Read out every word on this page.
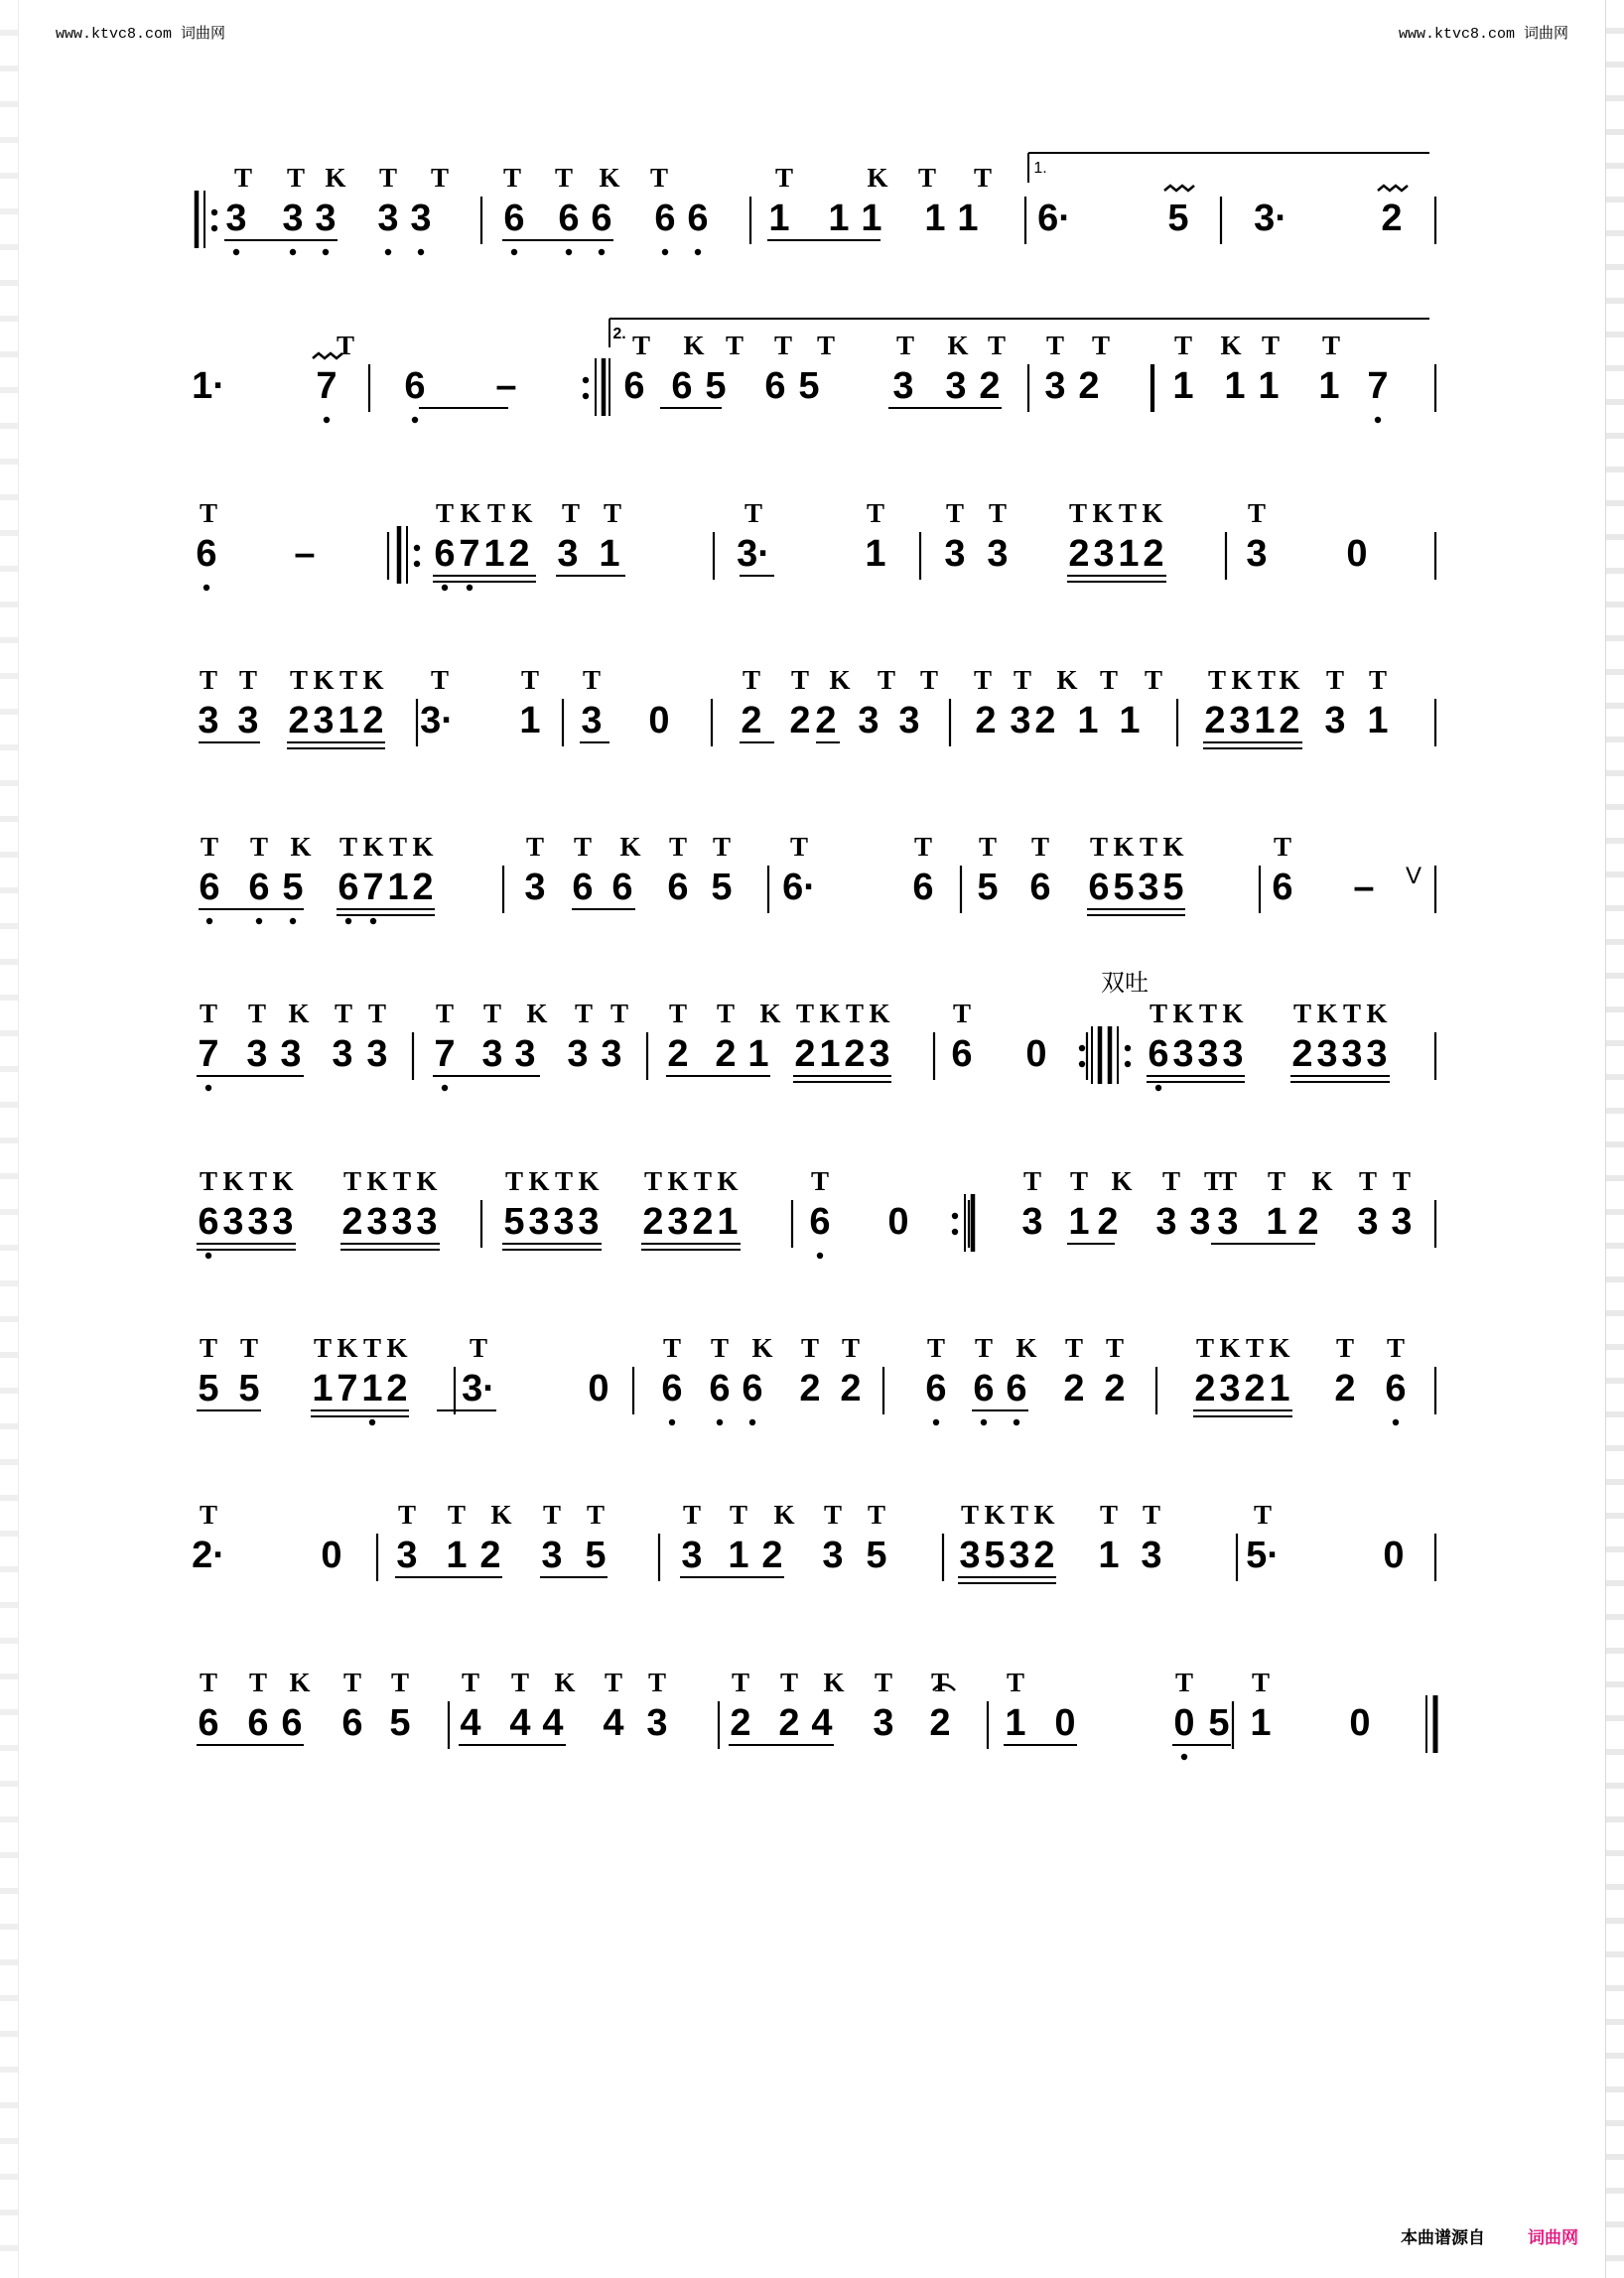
www.ktvc8.com 词曲网	www.ktvc8.com 词曲网
T T K T T T T K T	T	K T T
3 3 3 3 3 6 6 6 6 6 1 1 1 1 1 6·	5 3· 2
T	T K T T T T K T T T T K T T
1· 7 6 –	6 6 5 6 5 3 3 2 3 2 1 1 1 1 7
T	T K T K T T	T	T T T T K T K	T
6 –	6 7 1 2 3 1	3·	1 3 3 2 3 1 2 3 0
T T T K T K T	T T	T T K T T T T K T T T K T K T T
3 3 2 3 1 2 3· 1 3 0 2 2 2 3 3 2 3 2 1 1 2 3 1 2 3 1
T T K T K T K	T T K T T T	T T T T K T K	T
6 6 5 6 7 1 2 3 6 6 6 5 6·	6 5 6 6 5 3 5 6 –
T T K T T T T K T T T T K T K T K T	T K T K T K T K
7 3 3 3 3 7 3 3 3 3 2 2 1 2 1 2 3 6 0	6 3 3 3 2 3 3 3
T K T K T K T K	T K T K T K T K	T	T T K T T
T T K T T
6 3 3 3 2 3 3 3 5 3 3 3 2 3 2 1 6 0	3 1 2 3 3 3 1 2 3 3
T T T K T K T	T T K T T	T T K T T	T K T K T T
5 5 1 7 1 2 3· 0 6 6 6 2 2 6 6 6 2 2 2 3 2 1 2 6
T	T T K T T	T T K T T	T K T K T T	T
2·	0 3 1 2 3 5 3 1 2 3 5 3 5 3 2 1 3 5·	0
T T K T T T T K T T T T K T T T	T T
6 6 6 6 5 4 4 4 4 3 2 2 4 3 2 1 0	0 5 1 0
1.
2.
V
双吐
本曲谱源自	词曲网
